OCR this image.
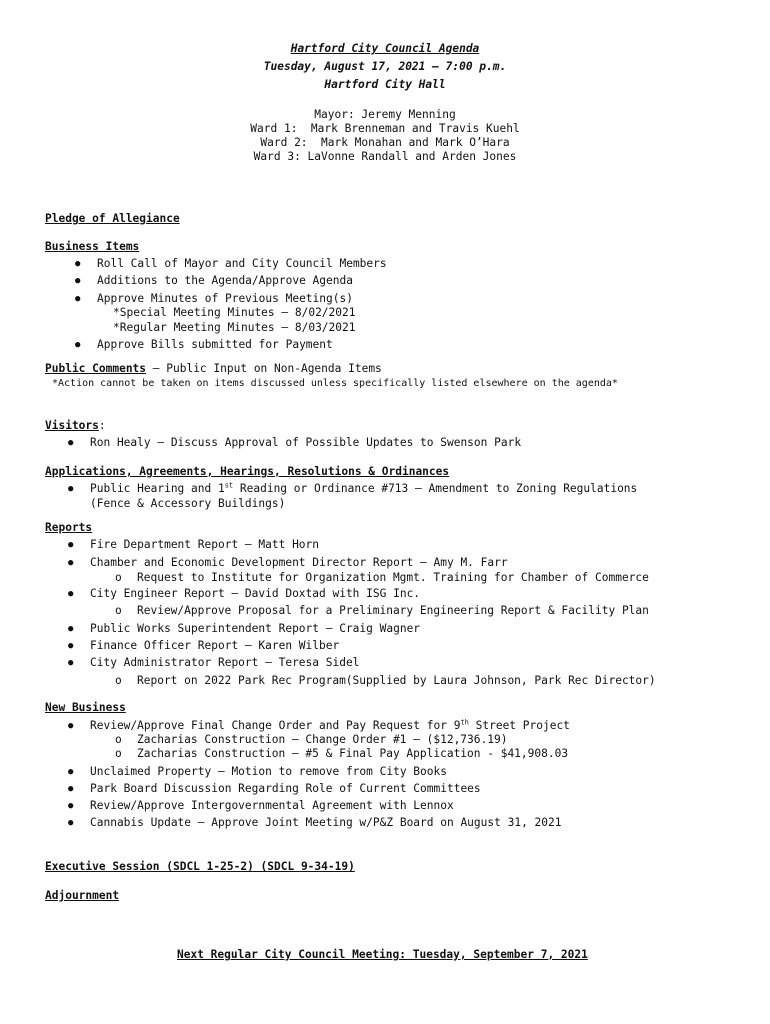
Hartford City Council Agenda
Tuesday, August 17, 2021 – 7:00 p.m.
Hartford City Hall
Mayor: Jeremy Menning
Ward 1:  Mark Brenneman and Travis Kuehl
Ward 2:  Mark Monahan and Mark O’Hara
Ward 3: LaVonne Randall and Arden Jones
Pledge of Allegiance
Business Items
● Roll Call of Mayor and City Council Members
● Additions to the Agenda/Approve Agenda
● Approve Minutes of Previous Meeting(s)
*Special Meeting Minutes – 8/02/2021
*Regular Meeting Minutes – 8/03/2021
● Approve Bills submitted for Payment
Public Comments – Public Input on Non-Agenda Items
*Action cannot be taken on items discussed unless specifically listed elsewhere on the agenda*
Visitors:
● Ron Healy – Discuss Approval of Possible Updates to Swenson Park
Applications, Agreements, Hearings, Resolutions & Ordinances
● Public Hearing and 1st Reading or Ordinance #713 – Amendment to Zoning Regulations
(Fence & Accessory Buildings)
Reports
● Fire Department Report – Matt Horn
● Chamber and Economic Development Director Report – Amy M. Farr
o Request to Institute for Organization Mgmt. Training for Chamber of Commerce
● City Engineer Report – David Doxtad with ISG Inc.
o Review/Approve Proposal for a Preliminary Engineering Report & Facility Plan
● Public Works Superintendent Report – Craig Wagner
● Finance Officer Report – Karen Wilber
● City Administrator Report – Teresa Sidel
o Report on 2022 Park Rec Program(Supplied by Laura Johnson, Park Rec Director)
New Business
● Review/Approve Final Change Order and Pay Request for 9th Street Project
o Zacharias Construction – Change Order #1 – ($12,736.19)
o Zacharias Construction – #5 & Final Pay Application - $41,908.03
● Unclaimed Property – Motion to remove from City Books
● Park Board Discussion Regarding Role of Current Committees
● Review/Approve Intergovernmental Agreement with Lennox
● Cannabis Update – Approve Joint Meeting w/P&Z Board on August 31, 2021
Executive Session (SDCL 1-25-2) (SDCL 9-34-19)
Adjournment
Next Regular City Council Meeting: Tuesday, September 7, 2021
